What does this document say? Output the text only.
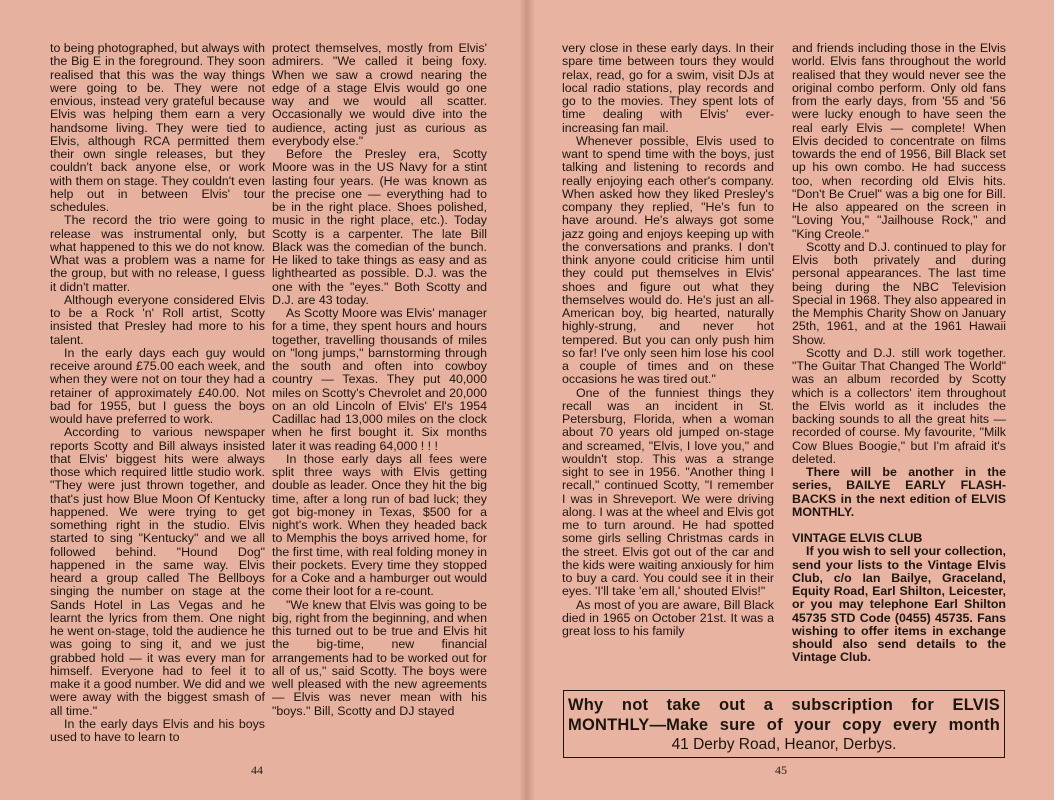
to being photographed, but always with the Big E in the foreground. They soon realised that this was the way things were going to be. They were not envious, instead very grateful because Elvis was helping them earn a very handsome living. They were tied to Elvis, although RCA permitted them their own single releases, but they couldn't back anyone else, or work with them on stage. They couldn't even help out in between Elvis' tour schedules.

The record the trio were going to release was instrumental only, but what happened to this we do not know. What was a problem was a name for the group, but with no release, I guess it didn't matter.

Although everyone considered Elvis to be a Rock 'n' Roll artist, Scotty insisted that Presley had more to his talent.

In the early days each guy would receive around £75.00 each week, and when they were not on tour they had a retainer of approximately £40.00. Not bad for 1955, but I guess the boys would have preferred to work.

According to various newspaper reports Scotty and Bill always insisted that Elvis' biggest hits were always those which required little studio work. "They were just thrown together, and that's just how Blue Moon Of Kentucky happened. We were trying to get something right in the studio. Elvis started to sing "Kentucky" and we all followed behind. "Hound Dog" happened in the same way. Elvis heard a group called The Bellboys singing the number on stage at the Sands Hotel in Las Vegas and he learnt the lyrics from them. One night he went on-stage, told the audience he was going to sing it, and we just grabbed hold — it was every man for himself. Everyone had to feel it to make it a good number. We did and we were away with the biggest smash of all time."

In the early days Elvis and his boys used to have to learn to

protect themselves, mostly from Elvis' admirers. "We called it being foxy. When we saw a crowd nearing the edge of a stage Elvis would go one way and we would all scatter. Occasionally we would dive into the audience, acting just as curious as everybody else."

Before the Presley era, Scotty Moore was in the US Navy for a stint lasting four years. (He was known as the precise one — everything had to be in the right place. Shoes polished, music in the right place, etc.). Today Scotty is a carpenter. The late Bill Black was the comedian of the bunch. He liked to take things as easy and as lighthearted as possible. D.J. was the one with the "eyes." Both Scotty and D.J. are 43 today.

As Scotty Moore was Elvis' manager for a time, they spent hours and hours together, travelling thousands of miles on "long jumps," barnstorming through the south and often into cowboy country — Texas. They put 40,000 miles on Scotty's Chevrolet and 20,000 on an old Lincoln of Elvis' El's 1954 Cadillac had 13,000 miles on the clock when he first bought it. Six months later it was reading 64,000 ! ! !

In those early days all fees were split three ways with Elvis getting double as leader. Once they hit the big time, after a long run of bad luck; they got big-money in Texas, $500 for a night's work. When they headed back to Memphis the boys arrived home, for the first time, with real folding money in their pockets. Every time they stopped for a Coke and a hamburger out would come their loot for a re-count.

"We knew that Elvis was going to be big, right from the beginning, and when this turned out to be true and Elvis hit the big-time, new financial arrangements had to be worked out for all of us," said Scotty. The boys were well pleased with the new agreements — Elvis was never mean with his "boys." Bill, Scotty and DJ stayed

very close in these early days. In their spare time between tours they would relax, read, go for a swim, visit DJs at local radio stations, play records and go to the movies. They spent lots of time dealing with Elvis' ever-increasing fan mail.

Whenever possible, Elvis used to want to spend time with the boys, just talking and listening to records and really enjoying each other's company. When asked how they liked Presley's company they replied, "He's fun to have around. He's always got some jazz going and enjoys keeping up with the conversations and pranks. I don't think anyone could criticise him until they could put themselves in Elvis' shoes and figure out what they themselves would do. He's just an all-American boy, big hearted, naturally highly-strung, and never hot tempered. But you can only push him so far! I've only seen him lose his cool a couple of times and on these occasions he was tired out."

One of the funniest things they recall was an incident in St. Petersburg, Florida, when a woman about 70 years old jumped on-stage and screamed, "Elvis, I love you," and wouldn't stop. This was a strange sight to see in 1956. "Another thing I recall," continued Scotty, "I remember I was in Shreveport. We were driving along. I was at the wheel and Elvis got me to turn around. He had spotted some girls selling Christmas cards in the street. Elvis got out of the car and the kids were waiting anxiously for him to buy a card. You could see it in their eyes. 'I'll take 'em all,' shouted Elvis!"

As most of you are aware, Bill Black died in 1965 on October 21st. It was a great loss to his family

and friends including those in the Elvis world. Elvis fans throughout the world realised that they would never see the original combo perform. Only old fans from the early days, from '55 and '56 were lucky enough to have seen the real early Elvis — complete! When Elvis decided to concentrate on films towards the end of 1956, Bill Black set up his own combo. He had success too, when recording old Elvis hits. "Don't Be Cruel" was a big one for Bill. He also appeared on the screen in "Loving You," "Jailhouse Rock," and "King Creole."

Scotty and D.J. continued to play for Elvis both privately and during personal appearances. The last time being during the NBC Television Special in 1968. They also appeared in the Memphis Charity Show on January 25th, 1961, and at the 1961 Hawaii Show.

Scotty and D.J. still work together. "The Guitar That Changed The World" was an album recorded by Scotty which is a collectors' item throughout the Elvis world as it includes the backing sounds to all the great hits — recorded of course. My favourite, "Milk Cow Blues Boogie," but I'm afraid it's deleted.

There will be another in the series, BAILYE EARLY FLASH-BACKS in the next edition of ELVIS MONTHLY.

VINTAGE ELVIS CLUB

If you wish to sell your collection, send your lists to the Vintage Elvis Club, c/o Ian Bailye, Graceland, Equity Road, Earl Shilton, Leicester, or you may telephone Earl Shilton 45735 STD Code (0455) 45735. Fans wishing to offer items in exchange should also send details to the Vintage Club.

44	45
Why not take out a subscription for ELVIS
MONTHLY—Make sure of your copy every month
41 Derby Road, Heanor, Derbys.
